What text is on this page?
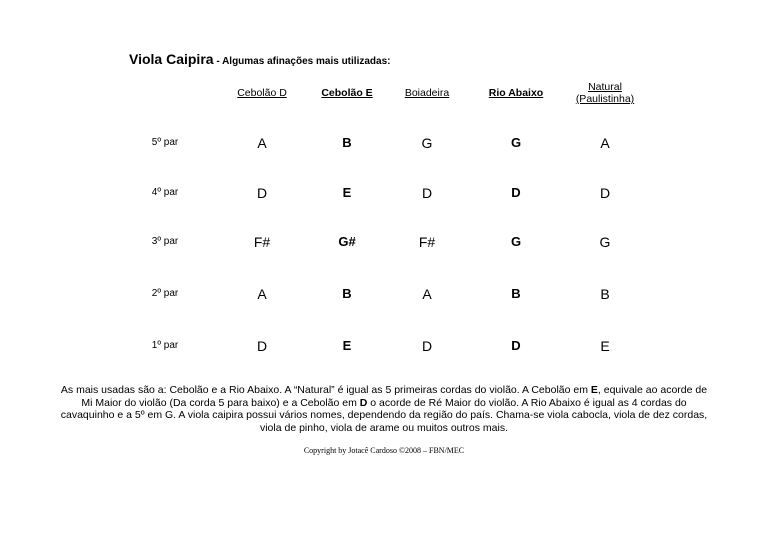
Viola Caipira - Algumas afinações mais utilizadas:
Cebolão D	Cebolão E	Boiadeira	Rio Abaixo	Natural
(Paulistinha)
5º par	A	B	G	G	A
4º par	D	E	D	D	D
3º par	F#	G#	F#	G	G
2º par	A	B	A	B	B
1º par	D	E	D	D	E
As mais usadas são a: Cebolão e a Rio Abaixo. A “Natural” é igual as 5 primeiras cordas do violão. A Cebolão em E, equivale ao acorde de Mi Maior do violão (Da corda 5 para baixo) e a Cebolão em D o acorde de Ré Maior do violão. A Rio Abaixo é igual as 4 cordas do cavaquinho e a 5º em G. A viola caipira possui vários nomes, dependendo da região do país. Chama-se viola cabocla, viola de dez cordas, viola de pinho, viola de arame ou muitos outros mais.
Copyright by Jotacê Cardoso ©2008 – FBN/MEC
